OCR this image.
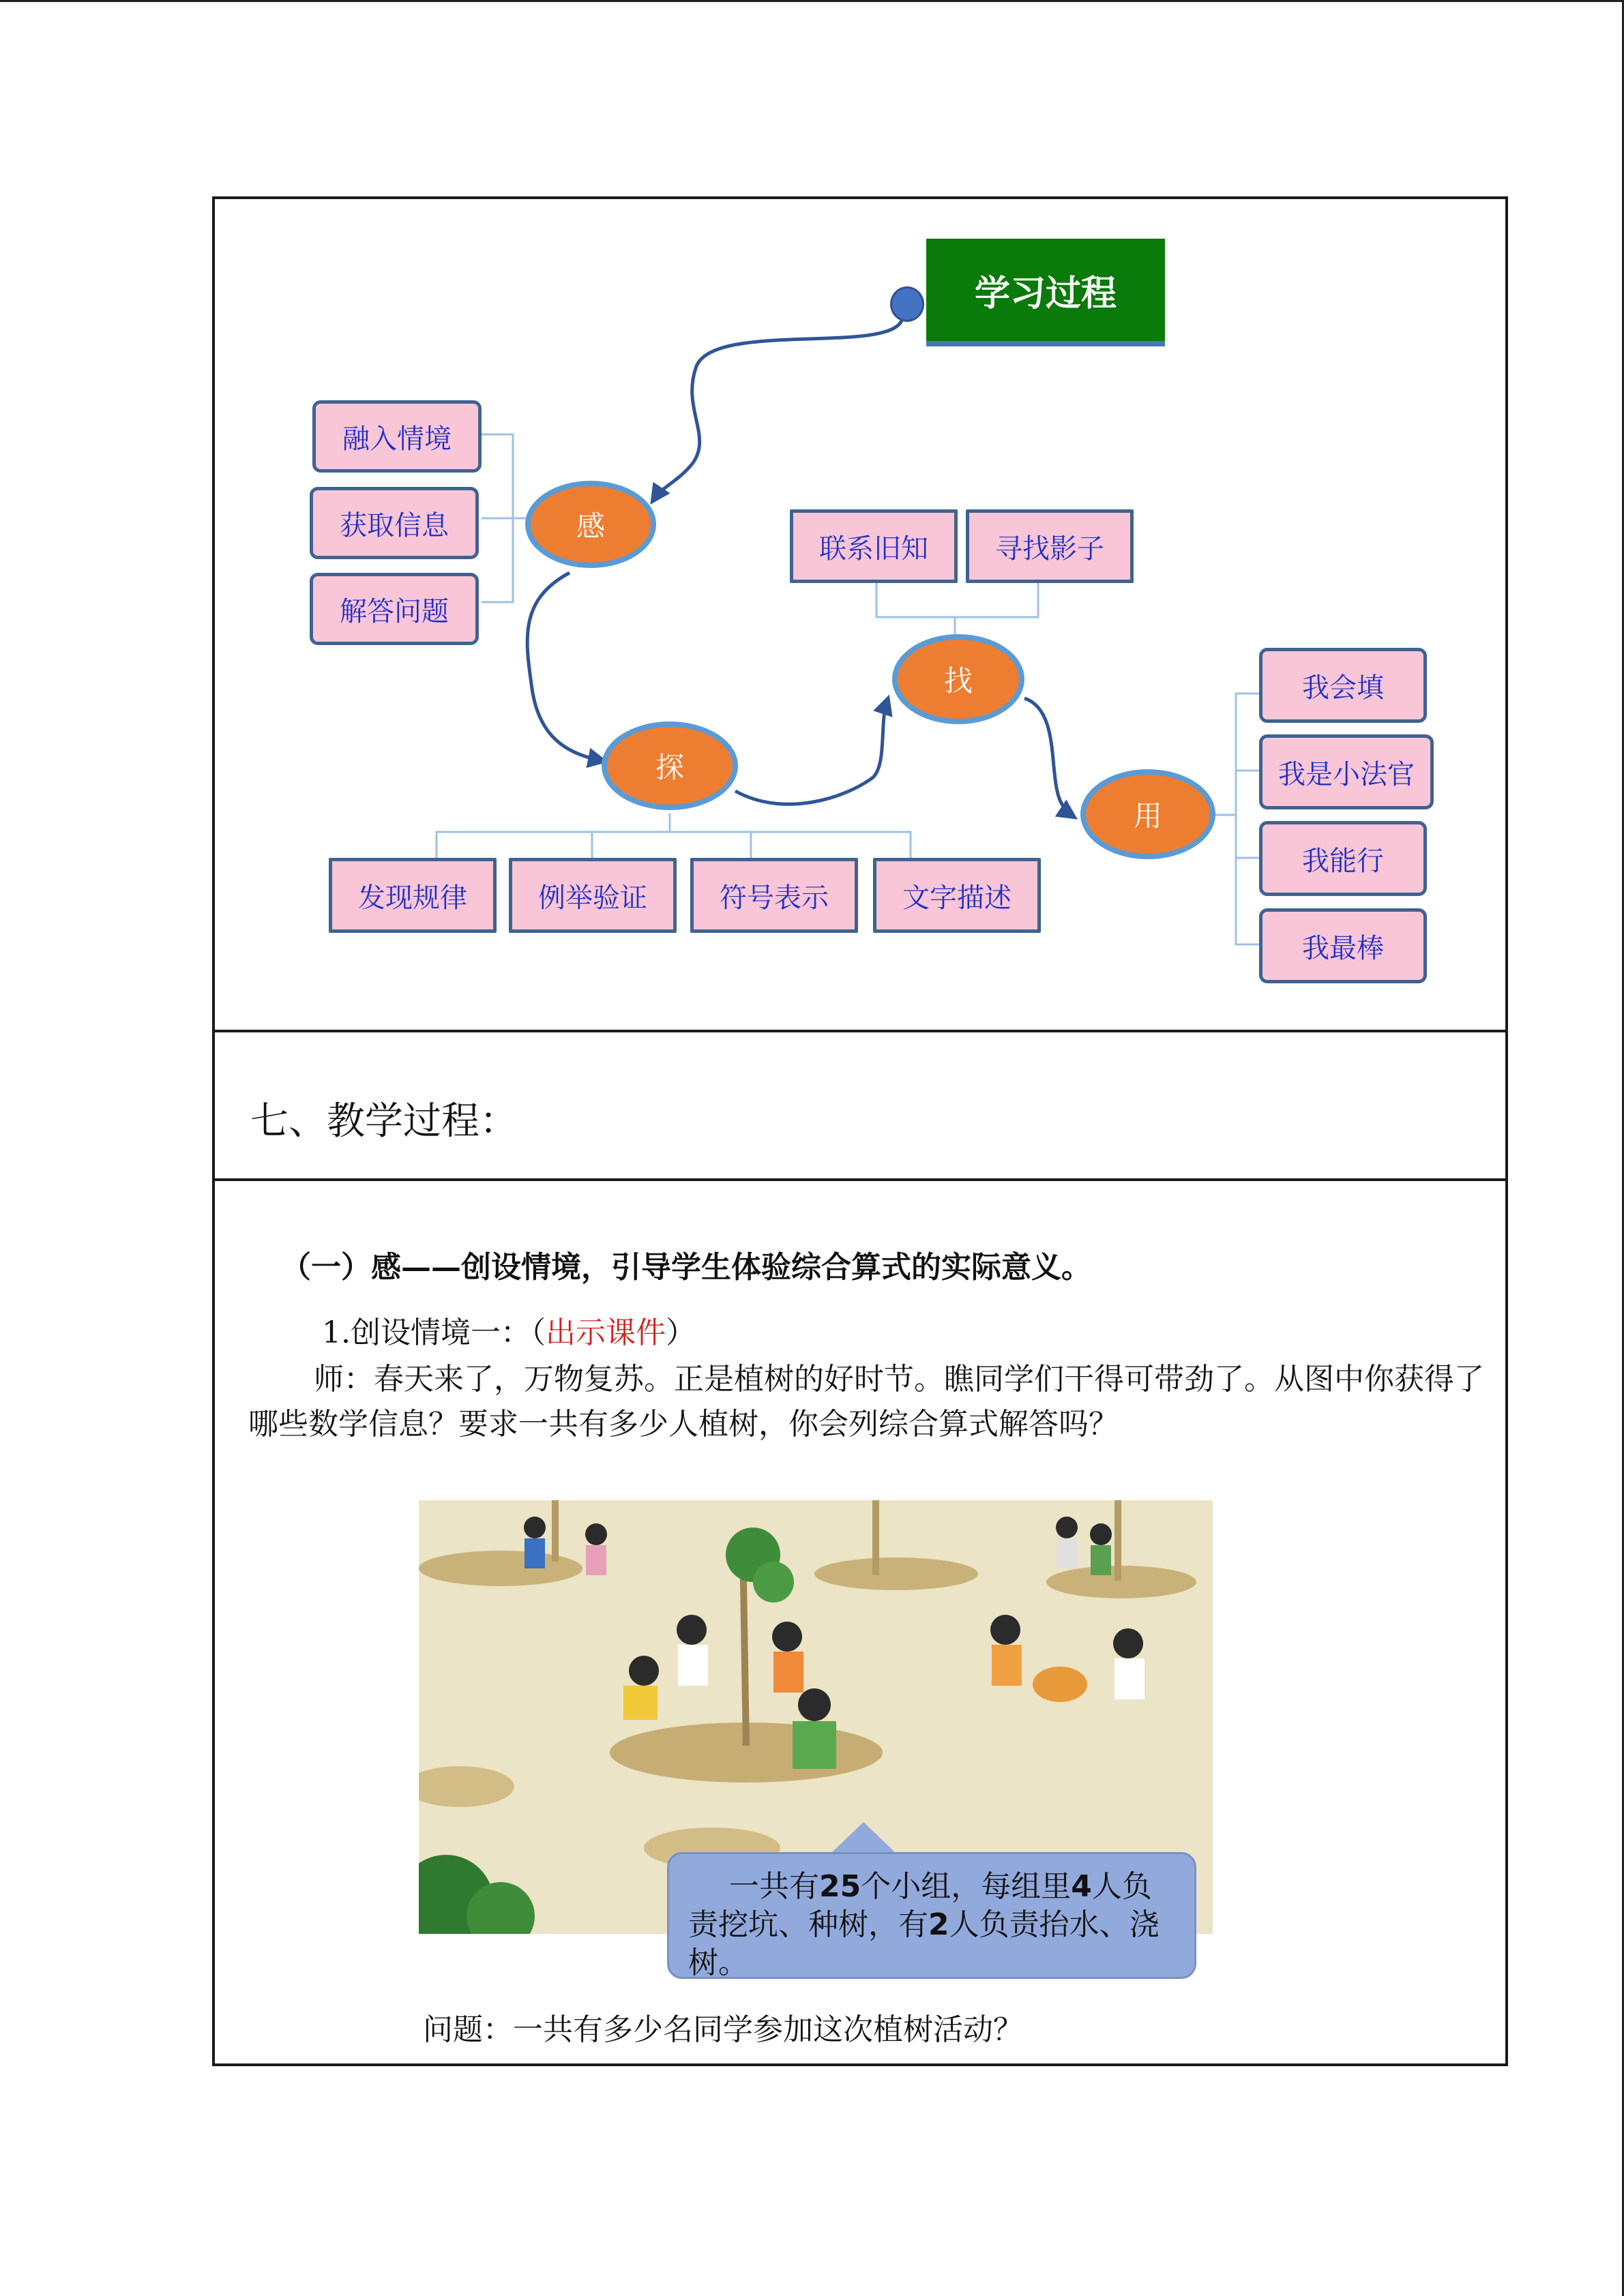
学习过程
融入情境
获取信息
解答问题
感
探
发现规律	例举验证	符号表示	文字描述
联系旧知	寻找影子
找
用
我会填
我是小法官
我能行
我最棒
七、教学过程：
（一）感——创设情境，引导学生体验综合算式的实际意义。
1.创设情境一：（出示课件）
师：春天来了，万物复苏。正是植树的好时节。瞧同学们干得可带劲了。从图中你获得了哪些数学信息？要求一共有多少人植树，你会列综合算式解答吗？
一共有25个小组，每组里4人负责挖坑、种树，有2人负责抬水、浇树。
问题：一共有多少名同学参加这次植树活动？
